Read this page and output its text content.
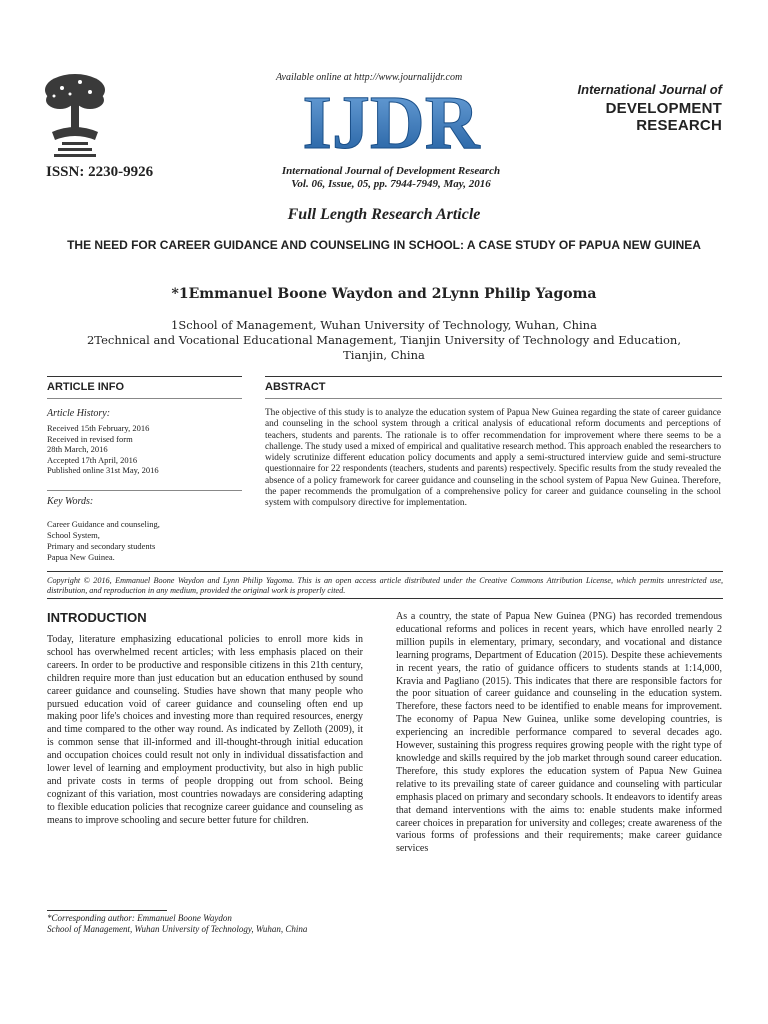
Available online at http://www.journalijdr.com
IJDR	International Journal of
DEVELOPMENT RESEARCH
ISSN: 2230-9926	International Journal of Development Research
Vol. 06, Issue, 05, pp. 7944-7949, May, 2016
Full Length Research Article
THE NEED FOR CAREER GUIDANCE AND COUNSELING IN SCHOOL: A CASE STUDY OF PAPUA NEW GUINEA
*1Emmanuel Boone Waydon and 2Lynn Philip Yagoma
1School of Management, Wuhan University of Technology, Wuhan, China
2Technical and Vocational Educational Management, Tianjin University of Technology and Education,
Tianjin, China
ARTICLE INFO	ABSTRACT
Article History:
Received 15th February, 2016
Received in revised form
28th March, 2016
Accepted 17th April, 2016
Published online 31st May, 2016
Key Words:
Career Guidance and counseling,
School System,
Primary and secondary students
Papua New Guinea.
The objective of this study is to analyze the education system of Papua New Guinea regarding the state of career guidance and counseling in the school system through a critical analysis of educational reform documents and perceptions of teachers, students and parents. The rationale is to offer recommendation for improvement where there seems to be a challenge. The study used a mixed of empirical and qualitative research method. This approach enabled the researchers to widely scrutinize different education policy documents and apply a semi-structured interview guide and semi-structure questionnaire for 22 respondents (teachers, students and parents) respectively. Specific results from the study revealed the absence of a policy framework for career guidance and counseling in the school system of Papua New Guinea. Therefore, the paper recommends the promulgation of a comprehensive policy for career and guidance counseling in the school system with compulsory directive for implementation.
Copyright © 2016, Emmanuel Boone Waydon and Lynn Philip Yagoma. This is an open access article distributed under the Creative Commons Attribution License, which permits unrestricted use, distribution, and reproduction in any medium, provided the original work is properly cited.
INTRODUCTION
Today, literature emphasizing educational policies to enroll more kids in school has overwhelmed recent articles; with less emphasis placed on their careers. In order to be productive and responsible citizens in this 21th century, children require more than just education but an education enthused by sound career guidance and counseling. Studies have shown that many people who pursued education void of career guidance and counseling often end up making poor life's choices and investing more than required resources, energy and time compared to the other way round. As indicated by Zelloth (2009), it is common sense that ill-informed and ill-thought-through initial education and occupation choices could result not only in individual dissatisfaction and lower level of learning and employment productivity, but also in high public and private costs in terms of people dropping out from school. Being cognizant of this variation, most countries nowadays are considering adapting to flexible education policies that recognize career guidance and counseling as means to improve schooling and secure better future for children.
As a country, the state of Papua New Guinea (PNG) has recorded tremendous educational reforms and polices in recent years, which have enrolled nearly 2 million pupils in elementary, primary, secondary, and vocational and distance learning programs, Department of Education (2015). Despite these achievements in recent years, the ratio of guidance officers to students stands at 1:14,000, Kravia and Pagliano (2015). This indicates that there are responsible factors for the poor situation of career guidance and counseling in the education system. Therefore, these factors need to be identified to enable means for improvement. The economy of Papua New Guinea, unlike some developing countries, is experiencing an incredible performance compared to several decades ago. However, sustaining this progress requires growing people with the right type of knowledge and skills required by the job market through sound career education. Therefore, this study explores the education system of Papua New Guinea relative to its prevailing state of career guidance and counseling with particular emphasis placed on primary and secondary schools. It endeavors to identify areas that demand interventions with the aims to: enable students make informed career choices in preparation for university and colleges; create awareness of the various forms of professions and their requirements; make career guidance services
*Corresponding author: Emmanuel Boone Waydon
School of Management, Wuhan University of Technology, Wuhan, China
